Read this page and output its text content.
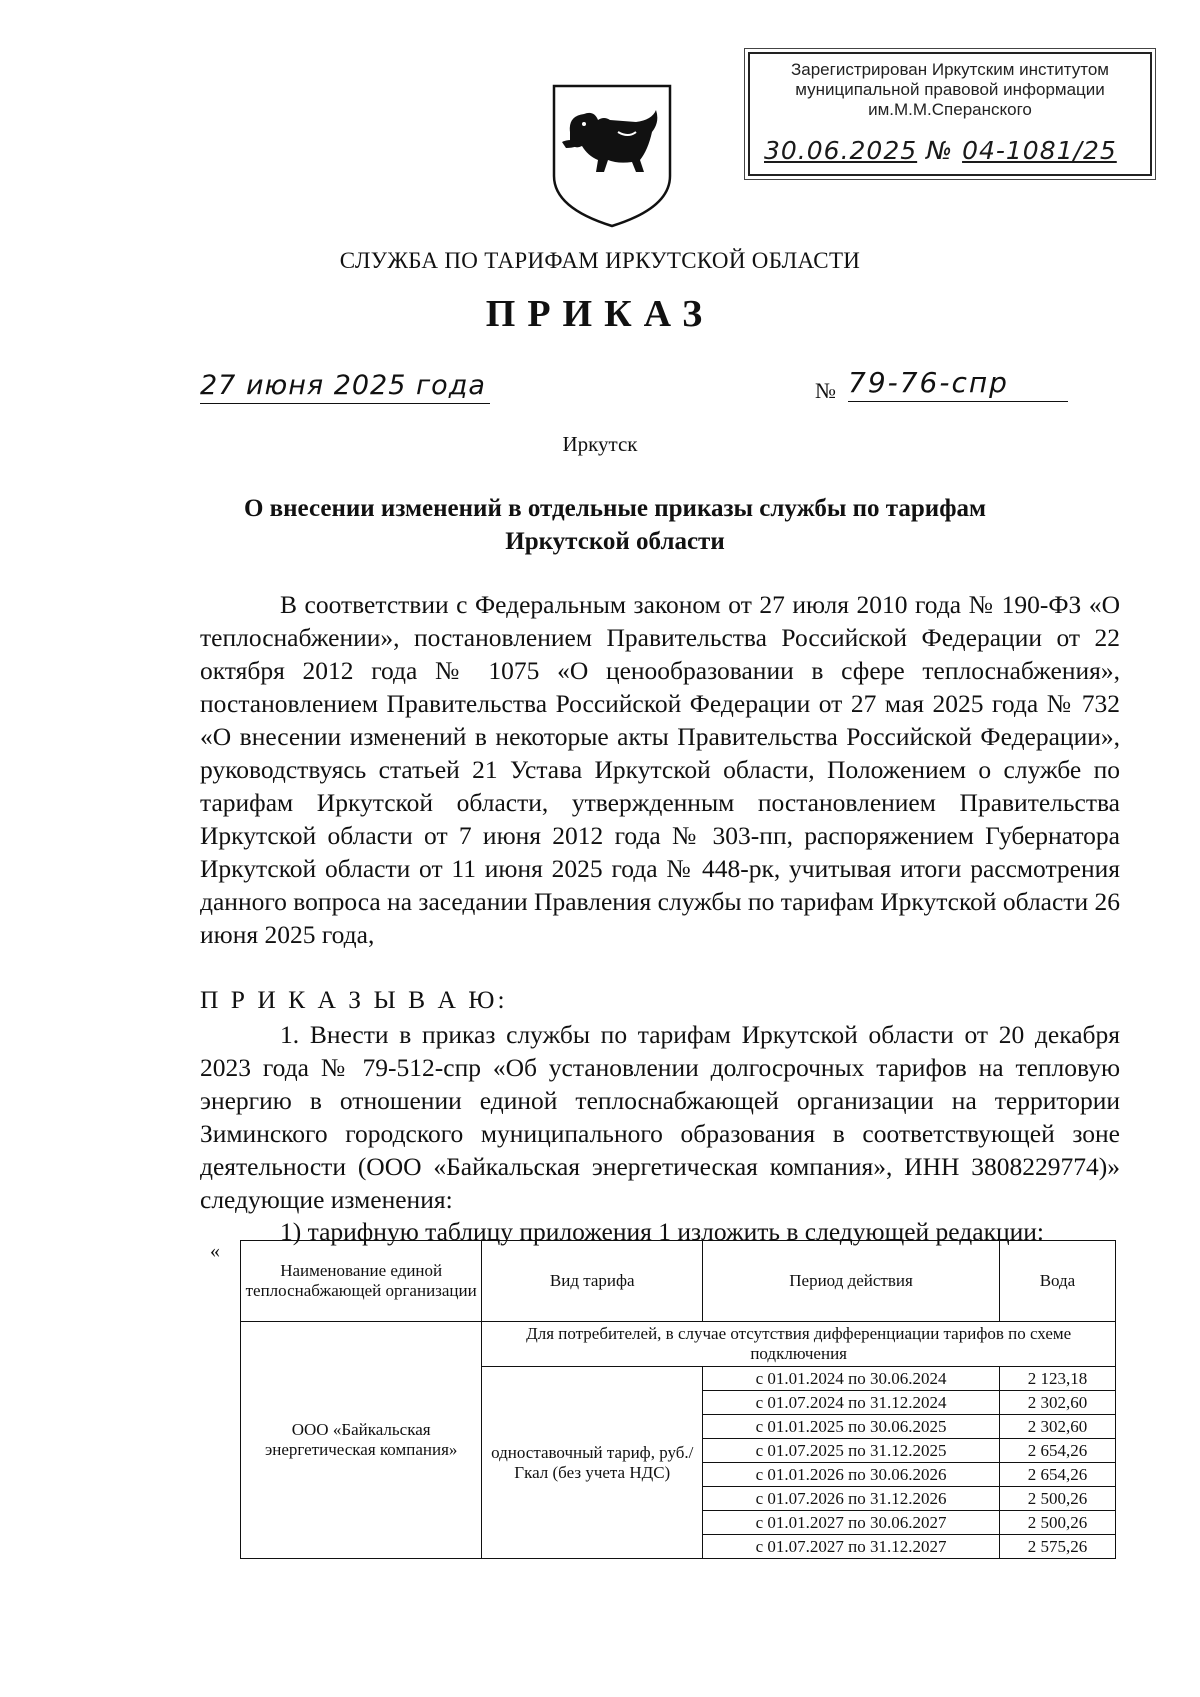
Зарегистрирован Иркутским институтом
муниципальной правовой информации
им.М.М.Сперанского
30.06.2025 № 04-1081/25
СЛУЖБА ПО ТАРИФАМ ИРКУТСКОЙ ОБЛАСТИ
ПРИКАЗ
27 июня 2025 года	№ 79-76-спр
Иркутск
О внесении изменений в отдельные приказы службы по тарифам Иркутской области
В соответствии с Федеральным законом от 27 июля 2010 года № 190-ФЗ «О теплоснабжении», постановлением Правительства Российской Федерации от 22 октября 2012 года № 1075 «О ценообразовании в сфере теплоснабжения», постановлением Правительства Российской Федерации от 27 мая 2025 года № 732 «О внесении изменений в некоторые акты Правительства Российской Федерации», руководствуясь статьей 21 Устава Иркутской области, Положением о службе по тарифам Иркутской области, утвержденным постановлением Правительства Иркутской области от 7 июня 2012 года № 303-пп, распоряжением Губернатора Иркутской области от 11 июня 2025 года № 448-рк, учитывая итоги рассмотрения данного вопроса на заседании Правления службы по тарифам Иркутской области 26 июня 2025 года,
П Р И К А З Ы В А Ю:
1. Внести в приказ службы по тарифам Иркутской области от 20 декабря 2023 года № 79-512-спр «Об установлении долгосрочных тарифов на тепловую энергию в отношении единой теплоснабжающей организации на территории Зиминского городского муниципального образования в соответствующей зоне деятельности (ООО «Байкальская энергетическая компания», ИНН 3808229774)» следующие изменения:
1) тарифную таблицу приложения 1 изложить в следующей редакции:
«
Наименование единой теплоснабжающей организации	Вид тарифа	Период действия	Вода
ООО «Байкальская энергетическая компания»	Для потребителей, в случае отсутствия дифференциации тарифов по схеме подключения		
	одноставочный тариф, руб./Гкал (без учета НДС)	с 01.01.2024 по 30.06.2024	2 123,18
		с 01.07.2024 по 31.12.2024	2 302,60
		с 01.01.2025 по 30.06.2025	2 302,60
		с 01.07.2025 по 31.12.2025	2 654,26
		с 01.01.2026 по 30.06.2026	2 654,26
		с 01.07.2026 по 31.12.2026	2 500,26
		с 01.01.2027 по 30.06.2027	2 500,26
		с 01.07.2027 по 31.12.2027	2 575,26
